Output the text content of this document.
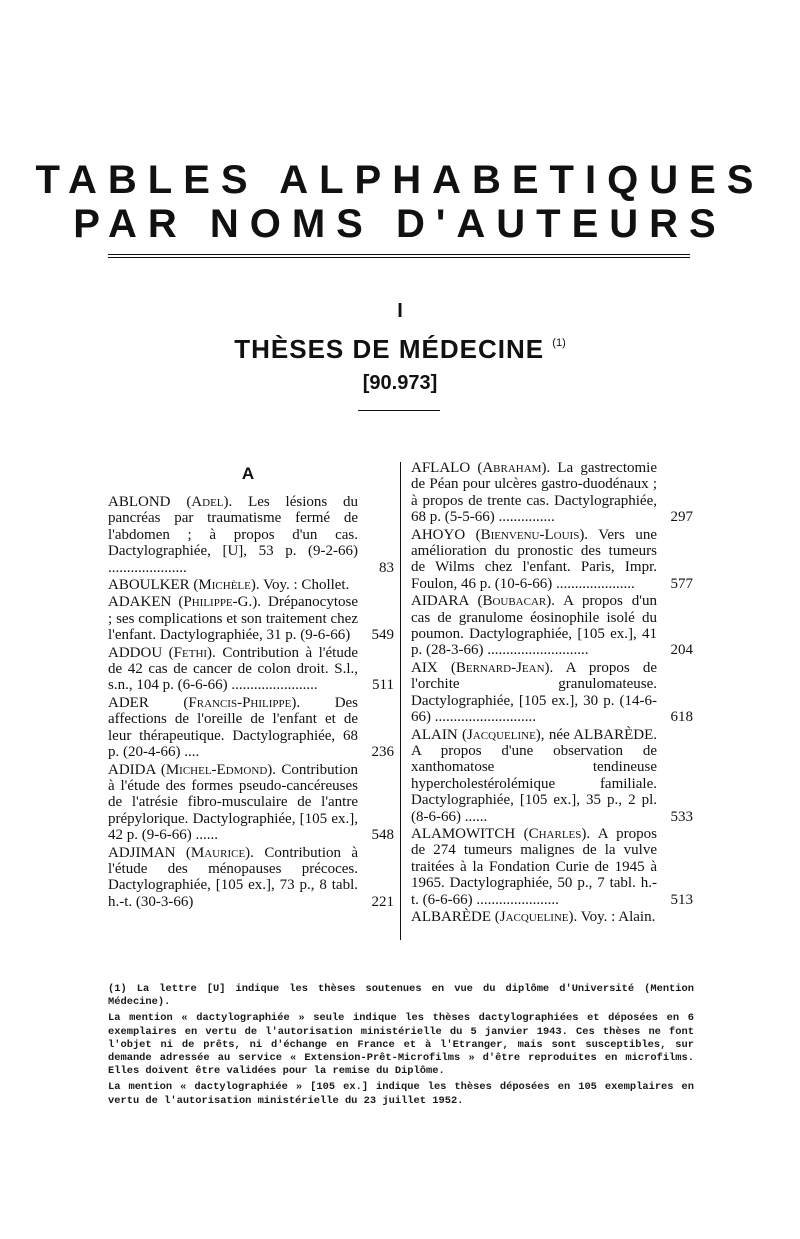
TABLES ALPHABETIQUES
PAR NOMS D'AUTEURS
I
THÈSES DE MÉDECINE $^{(1)}$
[90.973]
A
ABLOND (Adel). Les lésions du pancréas par traumatisme fermé de l'abdomen ; à propos d'un cas. Dactylographiée, [U], 53 p. (9-2-66) .....................	83
ABOULKER (Michèle). Voy. : Chollet.
ADAKEN (Philippe-G.). Drépanocytose ; ses complications et son traitement chez l'enfant. Dactylographiée, 31 p. (9-6-66)	549
ADDOU (Fethi). Contribution à l'étude de 42 cas de cancer de colon droit. S.l., s.n., 104 p. (6-6-66) .......................	511
ADER (Francis-Philippe). Des affections de l'oreille de l'enfant et de leur thérapeutique. Dactylographiée, 68 p. (20-4-66) ....	236
ADIDA (Michel-Edmond). Contribution à l'étude des formes pseudo-cancéreuses de l'atrésie fibro-musculaire de l'antre prépylorique. Dactylographiée, [105 ex.], 42 p. (9-6-66) ......	548
ADJIMAN (Maurice). Contribution à l'étude des ménopauses précoces. Dactylographiée, [105 ex.], 73 p., 8 tabl. h.-t. (30-3-66)	221
AFLALO (Abraham). La gastrectomie de Péan pour ulcères gastro-duodénaux ; à propos de trente cas. Dactylographiée, 68 p. (5-5-66) ...............	297
AHOYO (Bienvenu-Louis). Vers une amélioration du pronostic des tumeurs de Wilms chez l'enfant. Paris, Impr. Foulon, 46 p. (10-6-66) .....................	577
AIDARA (Boubacar). A propos d'un cas de granulome éosinophile isolé du poumon. Dactylographiée, [105 ex.], 41 p. (28-3-66) ...........................	204
AIX (Bernard-Jean). A propos de l'orchite granulomateuse. Dactylographiée, [105 ex.], 30 p. (14-6-66) ...........................	618
ALAIN (Jacqueline), née ALBARÈDE. A propos d'une observation de xanthomatose tendineuse hypercholestérolémique familiale. Dactylographiée, [105 ex.], 35 p., 2 pl. (8-6-66) ......	533
ALAMOWITCH (Charles). A propos de 274 tumeurs malignes de la vulve traitées à la Fondation Curie de 1945 à 1965. Dactylographiée, 50 p., 7 tabl. h.-t. (6-6-66) ......................	513
ALBARÈDE (Jacqueline). Voy. : Alain.

(1) La lettre [U] indique les thèses soutenues en vue du diplôme d'Université (Mention Médecine).

La mention « dactylographiée » seule indique les thèses dactylographiées et déposées en 6 exemplaires en vertu de l'autorisation ministérielle du 5 janvier 1943. Ces thèses ne font l'objet ni de prêts, ni d'échange en France et à l'Etranger, mais sont susceptibles, sur demande adressée au service « Extension-Prêt-Microfilms » d'être reproduites en microfilms. Elles doivent être validées pour la remise du Diplôme.

La mention « dactylographiée » [105 ex.] indique les thèses déposées en 105 exemplaires en vertu de l'autorisation ministérielle du 23 juillet 1952.
